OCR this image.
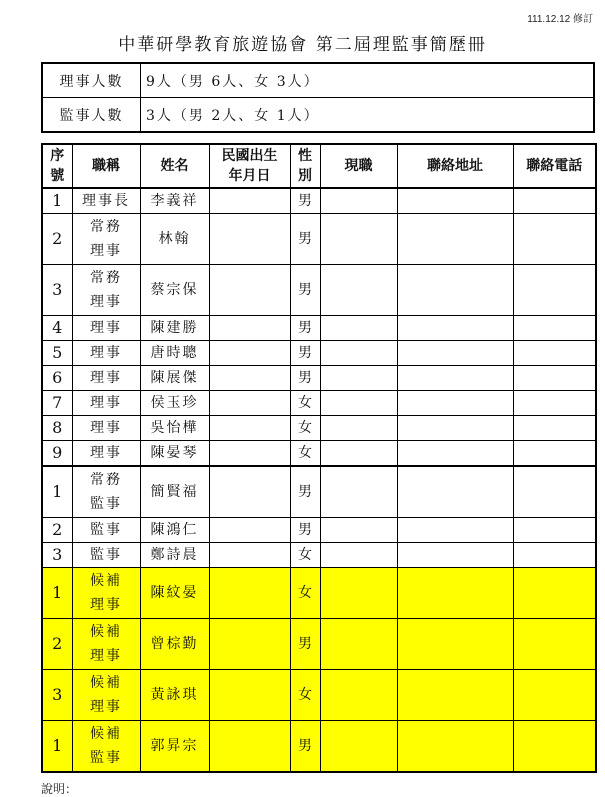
111.12.12 修訂
中華研學教育旅遊協會 第二屆理監事簡歷冊
理事人數	9人（男 6人、女 3人）
監事人數	3人（男 2人、女 1人）
序號	職稱	姓名	民國出生年月日	性別	現職	聯絡地址	聯絡電話
1	理事長	李義祥		男			
2	常務理事	林翰		男			
3	常務理事	蔡宗保		男			
4	理事	陳建勝		男			
5	理事	唐時聰		男			
6	理事	陳展傑		男			
7	理事	侯玉珍		女			
8	理事	吳怡樺		女			
9	理事	陳晏琴		女			
1	常務監事	簡賢福		男			
2	監事	陳鴻仁		男			
3	監事	鄭詩晨		女			
1	候補理事	陳紋晏		女			
2	候補理事	曾棕勤		男			
3	候補理事	黃詠琪		女			
1	候補監事	郭昇宗		男			
說明：
